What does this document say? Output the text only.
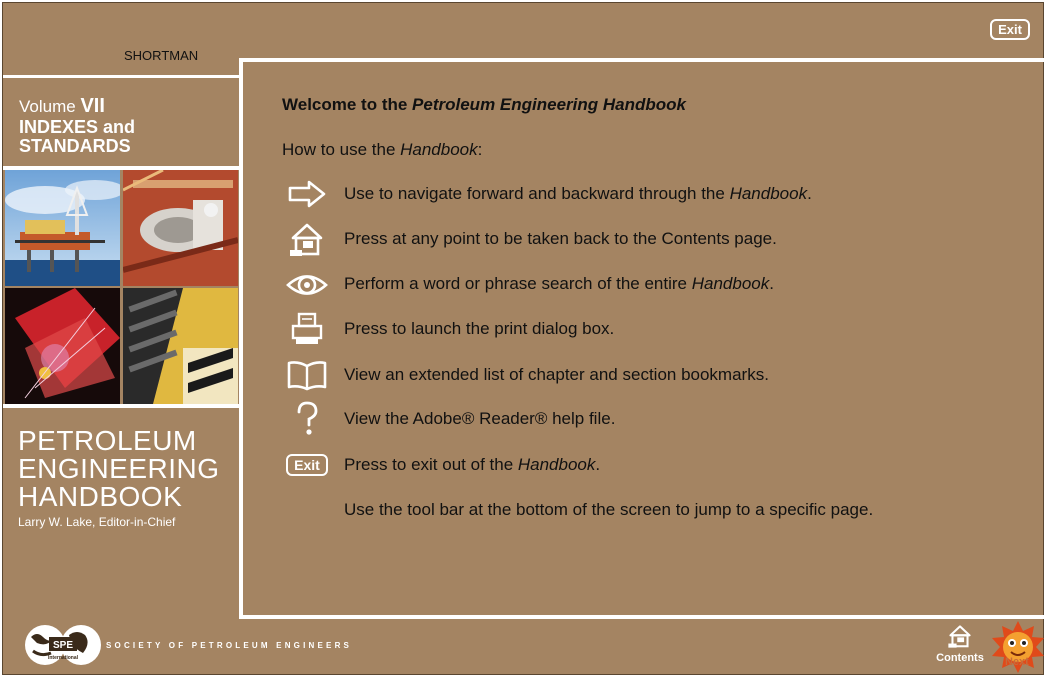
Exit
SHORTMAN
Volume VII
INDEXES and
STANDARDS
PETROLEUM
ENGINEERING
HANDBOOK
Larry W. Lake, Editor-in-Chief
Welcome to the Petroleum Engineering Handbook
How to use the Handbook:
Use to navigate forward and backward through the Handbook.
Press at any point to be taken back to the Contents page.
Perform a word or phrase search of the entire Handbook.
Press to launch the print dialog box.
View an extended list of chapter and section bookmarks.
View the Adobe® Reader® help file.
Exit	Press to exit out of the Handbook.
Use the tool bar at the bottom of the screen to jump to a specific page.
SPE
International
SOCIETY OF PETROLEUM ENGINEERS
Contents	Next
